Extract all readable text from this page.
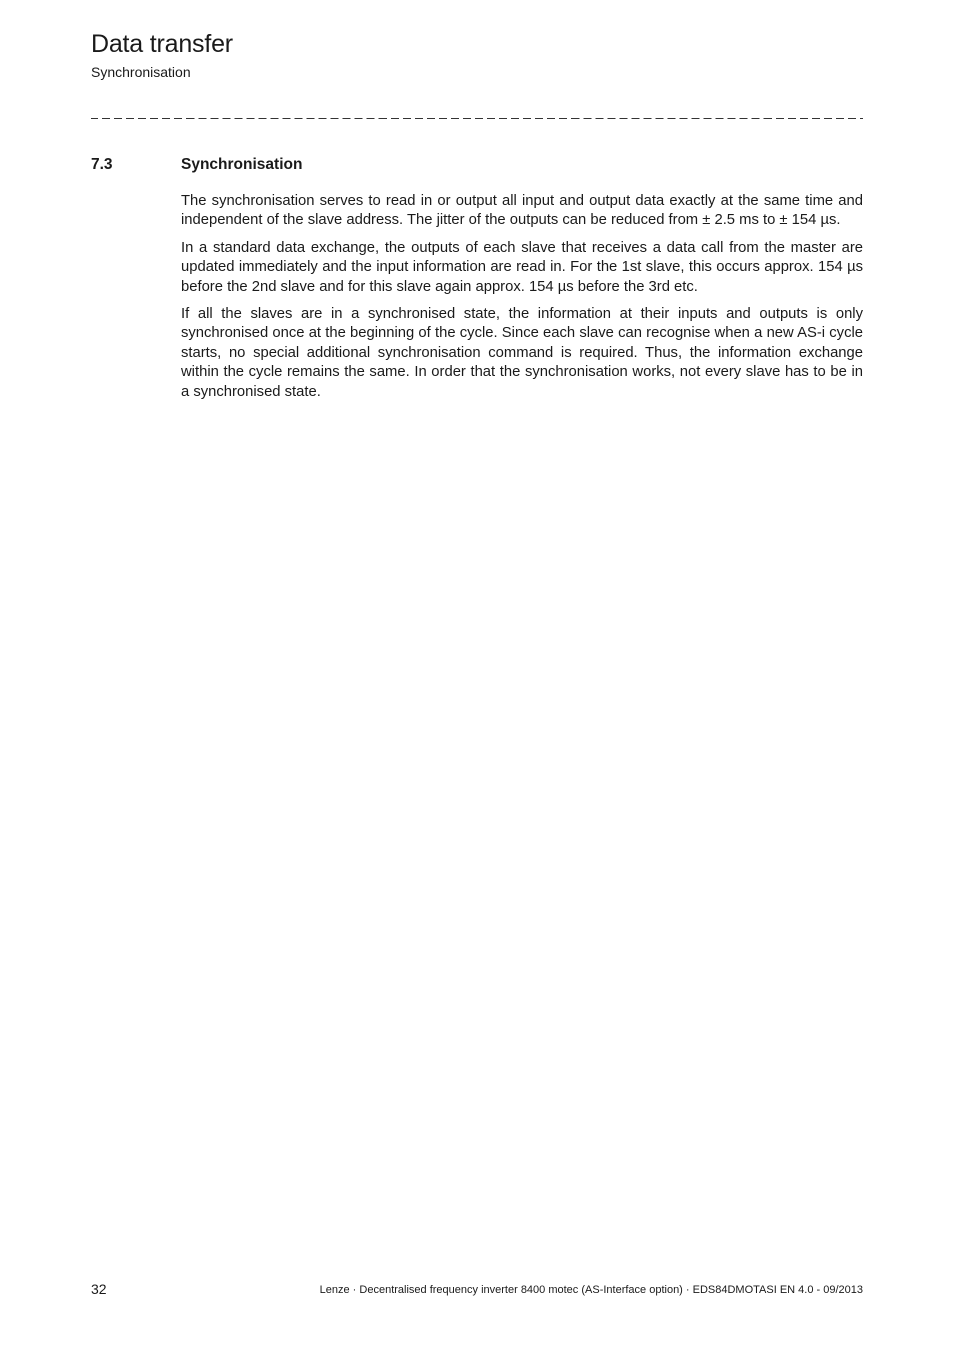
Data transfer
Synchronisation
7.3	Synchronisation

The synchronisation serves to read in or output all input and output data exactly at the same time and independent of the slave address. The jitter of the outputs can be reduced from ± 2.5 ms to ± 154 µs.

In a standard data exchange, the outputs of each slave that receives a data call from the master are updated immediately and the input information are read in. For the 1st slave, this occurs approx. 154 µs before the 2nd slave and for this slave again approx. 154 µs before the 3rd etc.

If all the slaves are in a synchronised state, the information at their inputs and outputs is only synchronised once at the beginning of the cycle. Since each slave can recognise when a new AS-i cycle starts, no special additional synchronisation command is required. Thus, the information exchange within the cycle remains the same. In order that the synchronisation works, not every slave has to be in a synchronised state.

32	Lenze · Decentralised frequency inverter 8400 motec (AS-Interface option) · EDS84DMOTASI EN 4.0 - 09/2013
